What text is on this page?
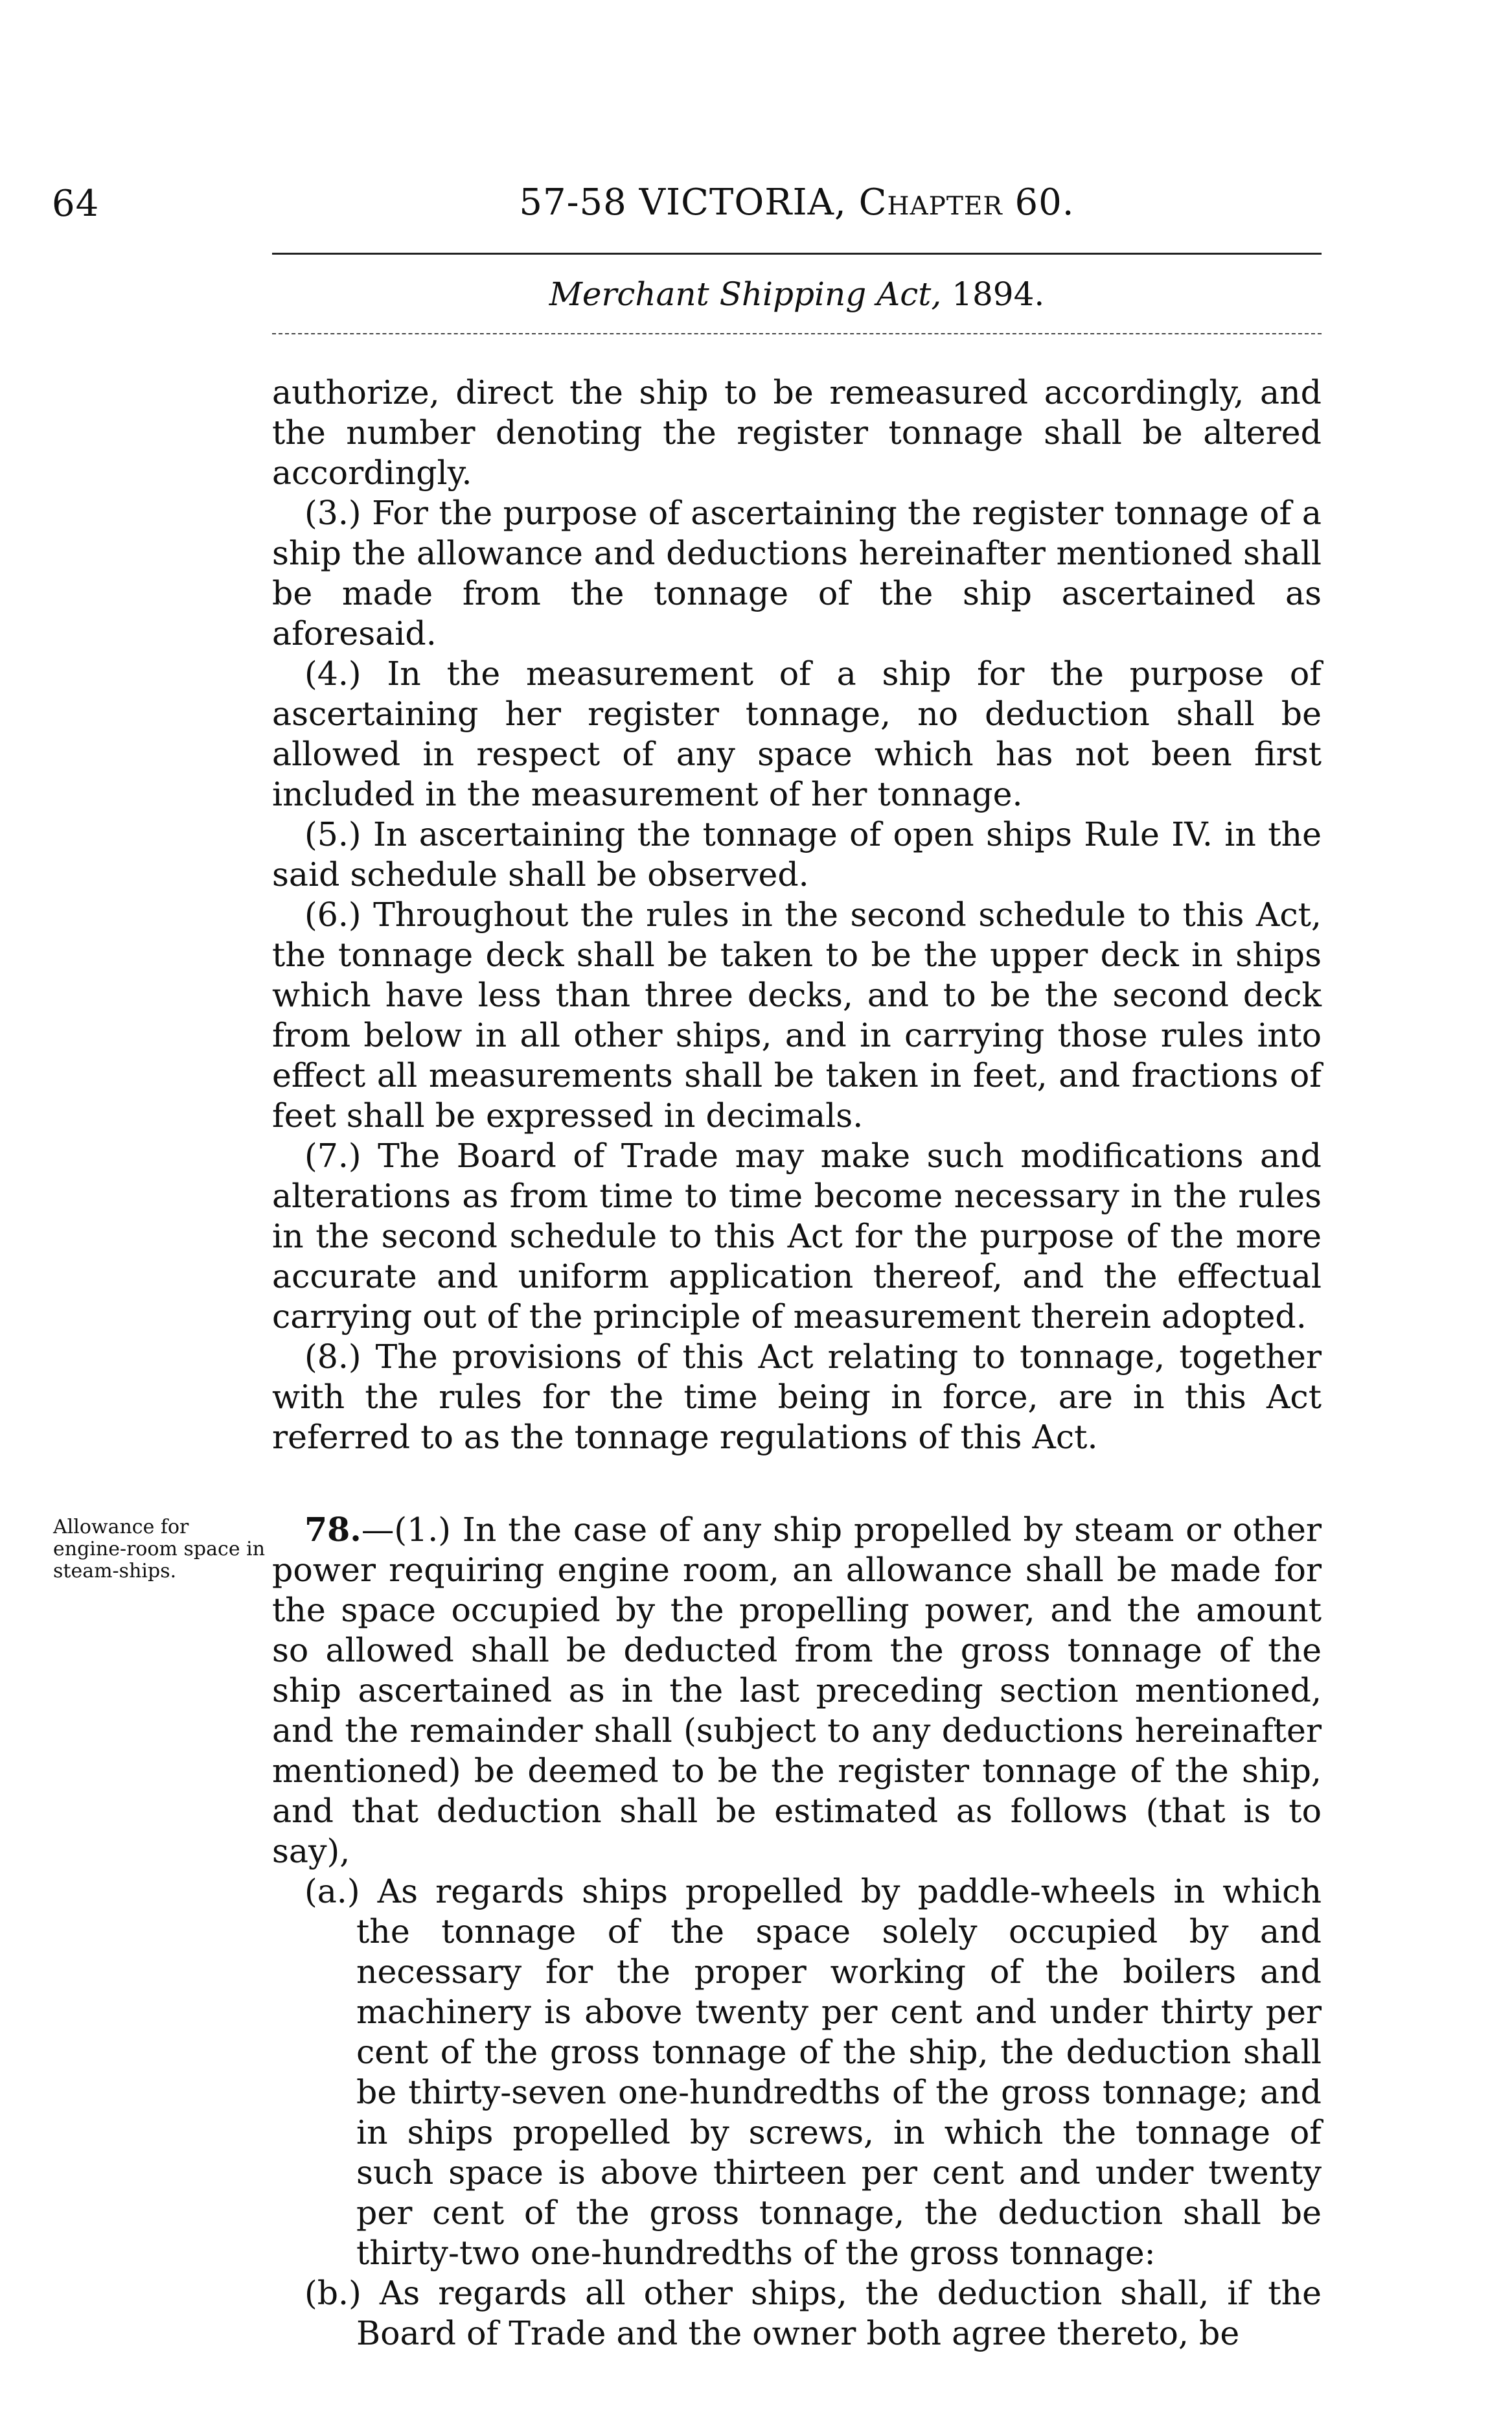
64	57-58 VICTORIA, Chapter 60.
Merchant Shipping Act, 1894.

authorize, direct the ship to be remeasured accordingly, and the number denoting the register tonnage shall be altered accordingly.

(3.) For the purpose of ascertaining the register tonnage of a ship the allowance and deductions hereinafter mentioned shall be made from the tonnage of the ship ascertained as aforesaid.

(4.) In the measurement of a ship for the purpose of ascertaining her register tonnage, no deduction shall be allowed in respect of any space which has not been first included in the measurement of her tonnage.

(5.) In ascertaining the tonnage of open ships Rule IV. in the said schedule shall be observed.

(6.) Throughout the rules in the second schedule to this Act, the tonnage deck shall be taken to be the upper deck in ships which have less than three decks, and to be the second deck from below in all other ships, and in carrying those rules into effect all measurements shall be taken in feet, and fractions of feet shall be expressed in decimals.

(7.) The Board of Trade may make such modifications and alterations as from time to time become necessary in the rules in the second schedule to this Act for the purpose of the more accurate and uniform application thereof, and the effectual carrying out of the principle of measurement therein adopted.

(8.) The provisions of this Act relating to tonnage, together with the rules for the time being in force, are in this Act referred to as the tonnage regulations of this Act.

Allowance for engine-room space in steam-ships.

78.—(1.) In the case of any ship propelled by steam or other power requiring engine room, an allowance shall be made for the space occupied by the propelling power, and the amount so allowed shall be deducted from the gross tonnage of the ship ascertained as in the last preceding section mentioned, and the remainder shall (subject to any deductions hereinafter mentioned) be deemed to be the register tonnage of the ship, and that deduction shall be estimated as follows (that is to say),

(a.) As regards ships propelled by paddle-wheels in which the tonnage of the space solely occupied by and necessary for the proper working of the boilers and machinery is above twenty per cent and under thirty per cent of the gross tonnage of the ship, the deduction shall be thirty-seven one-hundredths of the gross tonnage; and in ships propelled by screws, in which the tonnage of such space is above thirteen per cent and under twenty per cent of the gross tonnage, the deduction shall be thirty-two one-hundredths of the gross tonnage:

(b.) As regards all other ships, the deduction shall, if the Board of Trade and the owner both agree thereto, be
